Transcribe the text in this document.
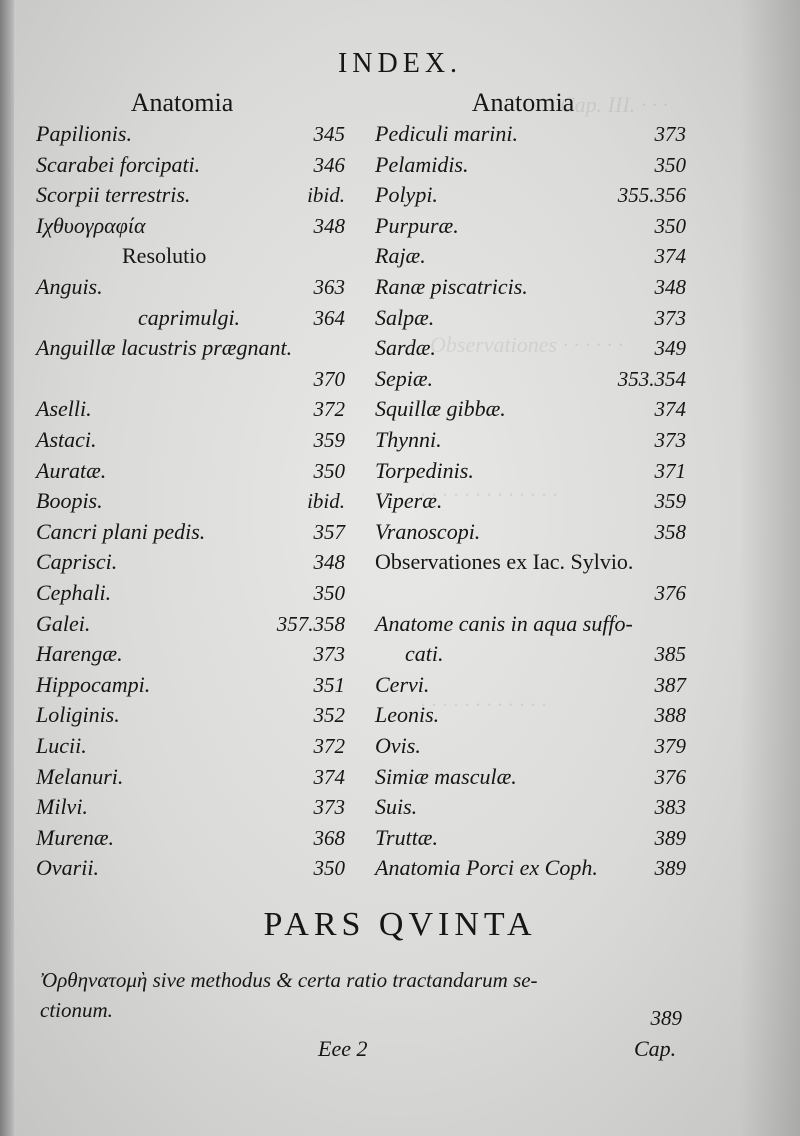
Cap. III. · · ·
Observationes · · · · · ·
· · · · · · · · · · · · ·
· · · · · · · · · · · ·
INDEX.
Anatomia	Anatomia
Papilionis.	345
Scarabei forcipati.	346
Scorpii terrestris.	ibid.
Ιχθυογραφία	348
Resolutio
Anguis.	363
caprimulgi.	364
Anguillæ lacustris prægnant.
370
Aselli.	372
Astaci.	359
Auratæ.	350
Boopis.	ibid.
Cancri plani pedis.	357
Caprisci.	348
Cephali.	350
Galei.	357.358
Harengæ.	373
Hippocampi.	351
Loliginis.	352
Lucii.	372
Melanuri.	374
Milvi.	373
Murenæ.	368
Ovarii.	350
Pediculi marini.	373
Pelamidis.	350
Polypi.	355.356
Purpuræ.	350
Rajæ.	374
Ranæ piscatricis.	348
Salpæ.	373
Sardæ.	349
Sepiæ.	353.354
Squillæ gibbæ.	374
Thynni.	373
Torpedinis.	371
Viperæ.	359
Vranoscopi.	358
Observationes ex Iac. Sylvio.
376
Anatome canis in aqua suffo-
cati.	385
Cervi.	387
Leonis.	388
Ovis.	379
Simiæ masculæ.	376
Suis.	383
Truttæ.	389
Anatomia Porci ex Coph.	389
PARS QVINTA
Ὀρθηνατομὴ sive methodus & certa ratio tractandarum se-
ctionum.	389
Eee 2	Cap.
